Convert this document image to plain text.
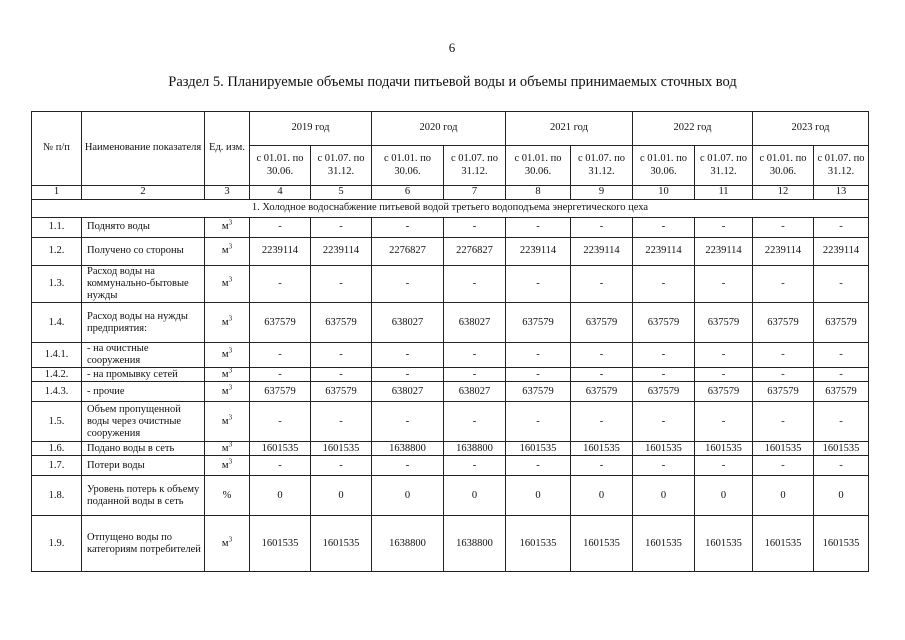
6
Раздел 5. Планируемые объемы подачи питьевой воды и объемы принимаемых сточных вод
№ п/п	Наименование показателя	Ед. изм.	2019 год		2020 год		2021 год		2022 год		2023 год	
			с 01.01. по 30.06.	с 01.07. по 31.12.	с 01.01. по 30.06.	с 01.07. по 31.12.	с 01.01. по 30.06.	с 01.07. по 31.12.	с 01.01. по 30.06.	с 01.07. по 31.12.	с 01.01. по 30.06.	с 01.07. по 31.12.
1	2	3	4	5	6	7	8	9	10	11	12	13
1. Холодное водоснабжение питьевой водой третьего водоподъема энергетического цеха												
1.1.	Поднято воды	$м^3$	-	-	-	-	-	-	-	-	-	-
1.2.	Получено со стороны	$м^3$	2239114	2239114	2276827	2276827	2239114	2239114	2239114	2239114	2239114	2239114
1.3.	Расход воды на коммунально-бытовые нужды	$м^3$	-	-	-	-	-	-	-	-	-	-
1.4.	Расход воды на нужды предприятия:	$м^3$	637579	637579	638027	638027	637579	637579	637579	637579	637579	637579
1.4.1.	- на очистные сооружения	$м^3$	-	-	-	-	-	-	-	-	-	-
1.4.2.	- на промывку сетей	$м^3$	-	-	-	-	-	-	-	-	-	-
1.4.3.	- прочие	$м^3$	637579	637579	638027	638027	637579	637579	637579	637579	637579	637579
1.5.	Объем пропущенной воды через очистные сооружения	$м^3$	-	-	-	-	-	-	-	-	-	-
1.6.	Подано воды в сеть	$м^3$	1601535	1601535	1638800	1638800	1601535	1601535	1601535	1601535	1601535	1601535
1.7.	Потери воды	$м^3$	-	-	-	-	-	-	-	-	-	-
1.8.	Уровень потерь к объему поданной воды в сеть	%	0	0	0	0	0	0	0	0	0	0
1.9.	Отпущено воды по категориям потребителей	$м^3$	1601535	1601535	1638800	1638800	1601535	1601535	1601535	1601535	1601535	1601535
